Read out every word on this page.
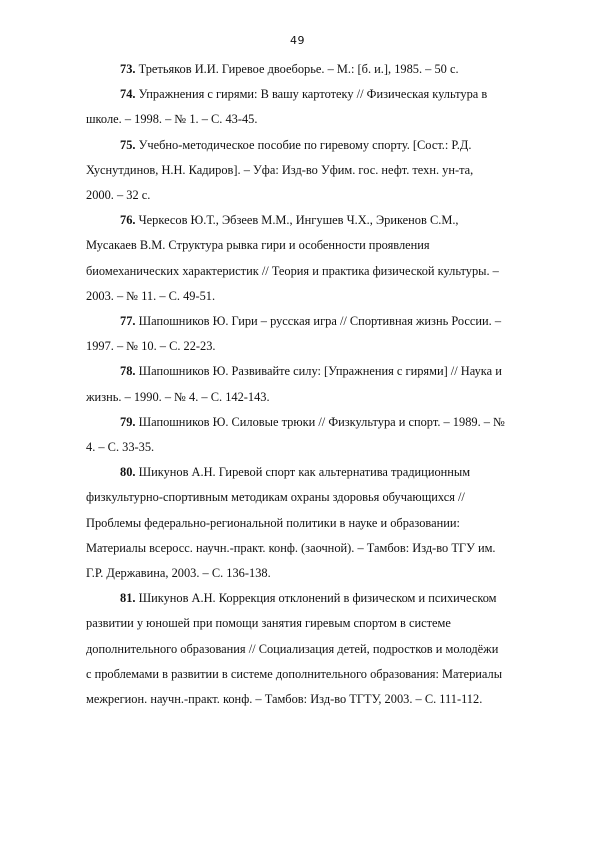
49

73. Третьяков И.И. Гиревое двоеборье. – М.: [б. и.], 1985. – 50 с.

74. Упражнения с гирями: В вашу картотеку // Физическая культура в
школе. – 1998. – № 1. – С. 43-45.

75. Учебно-методическое пособие по гиревому спорту. [Сост.: Р.Д.
Хуснутдинов, Н.Н. Кадиров]. – Уфа: Изд-во Уфим. гос. нефт. техн. ун-та,
2000. – 32 с.

76. Черкесов Ю.Т., Эбзеев М.М., Ингушев Ч.Х., Эрикенов С.М.,
Мусакаев В.М. Структура рывка гири и особенности проявления
биомеханических характеристик // Теория и практика физической культуры. –
2003. – № 11. – С. 49-51.

77. Шапошников Ю. Гири – русская игра // Спортивная жизнь России. –
1997. – № 10. – С. 22-23.

78. Шапошников Ю. Развивайте силу: [Упражнения с гирями] // Наука и
жизнь. – 1990. – № 4. – С. 142-143.

79. Шапошников Ю. Силовые трюки // Физкультура и спорт. – 1989. – №
4. – С. 33-35.

80. Шикунов А.Н. Гиревой спорт как альтернатива традиционным
физкультурно-спортивным методикам охраны здоровья обучающихся //
Проблемы федерально-региональной политики в науке и образовании:
Материалы всеросс. научн.-практ. конф. (заочной). – Тамбов: Изд-во ТГУ им.
Г.Р. Державина, 2003. – С. 136-138.

81. Шикунов А.Н. Коррекция отклонений в физическом и психическом
развитии у юношей при помощи занятия гиревым спортом в системе
дополнительного образования // Социализация детей, подростков и молодёжи
с проблемами в развитии в системе дополнительного образования: Материалы
межрегион. научн.-практ. конф. – Тамбов: Изд-во ТГТУ, 2003. – С. 111-112.
